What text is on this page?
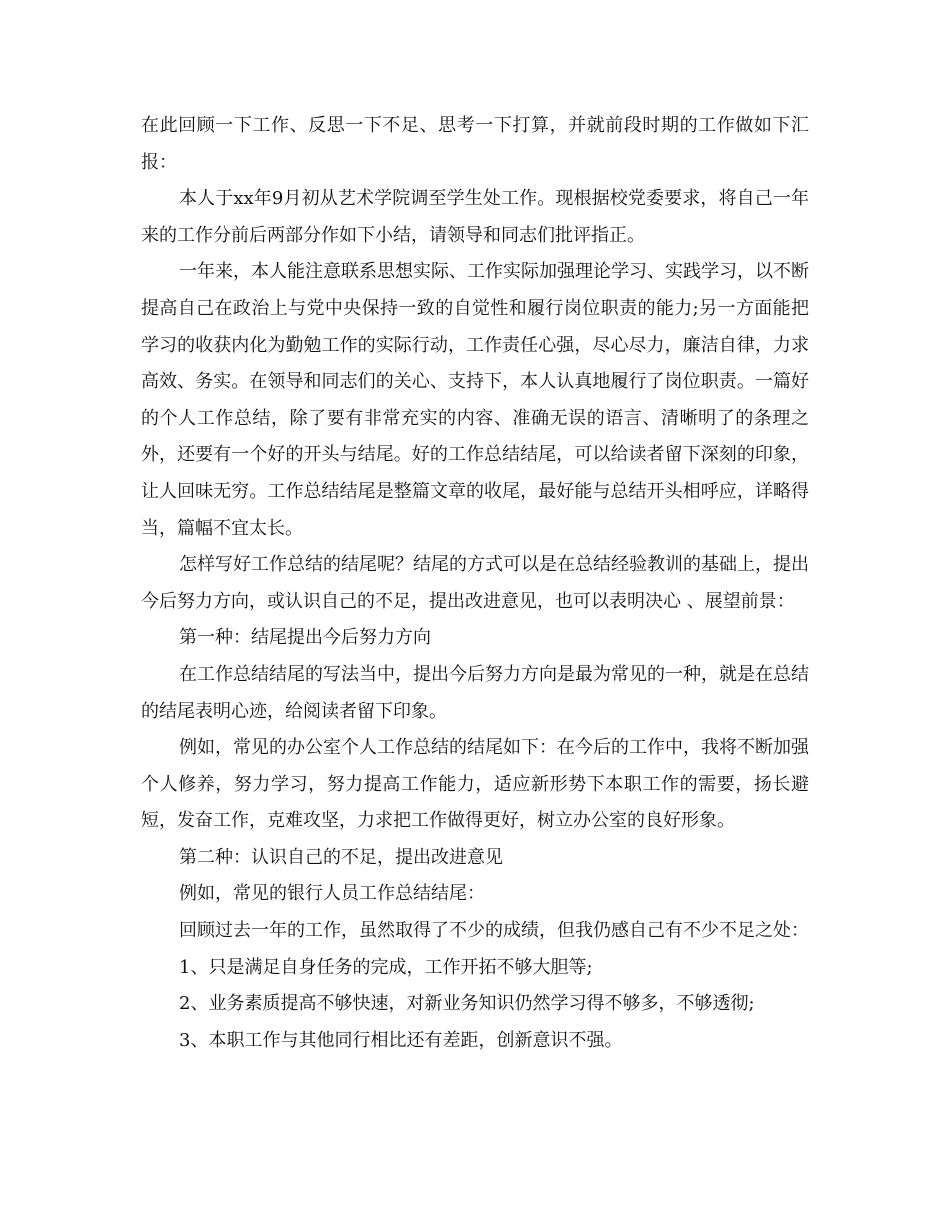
在此回顾一下工作、反思一下不足、思考一下打算，并就前段时期的工作做如下汇报：

本人于xx年9月初从艺术学院调至学生处工作。现根据校党委要求，将自己一年来的工作分前后两部分作如下小结，请领导和同志们批评指正。

一年来，本人能注意联系思想实际、工作实际加强理论学习、实践学习，以不断提高自己在政治上与党中央保持一致的自觉性和履行岗位职责的能力;另一方面能把学习的收获内化为勤勉工作的实际行动，工作责任心强，尽心尽力，廉洁自律，力求高效、务实。在领导和同志们的关心、支持下，本人认真地履行了岗位职责。一篇好的个人工作总结，除了要有非常充实的内容、准确无误的语言、清晰明了的条理之外，还要有一个好的开头与结尾。好的工作总结结尾，可以给读者留下深刻的印象，让人回味无穷。工作总结结尾是整篇文章的收尾，最好能与总结开头相呼应，详略得当，篇幅不宜太长。

怎样写好工作总结的结尾呢？结尾的方式可以是在总结经验教训的基础上，提出今后努力方向，或认识自己的不足，提出改进意见，也可以表明决心 、展望前景：

第一种：结尾提出今后努力方向

在工作总结结尾的写法当中，提出今后努力方向是最为常见的一种，就是在总结的结尾表明心迹，给阅读者留下印象。

例如，常见的办公室个人工作总结的结尾如下：在今后的工作中，我将不断加强个人修养，努力学习，努力提高工作能力，适应新形势下本职工作的需要，扬长避短，发奋工作，克难攻坚，力求把工作做得更好，树立办公室的良好形象。

第二种：认识自己的不足，提出改进意见

例如，常见的银行人员工作总结结尾：

回顾过去一年的工作，虽然取得了不少的成绩，但我仍感自己有不少不足之处：

1、只是满足自身任务的完成，工作开拓不够大胆等;

2、业务素质提高不够快速，对新业务知识仍然学习得不够多，不够透彻;

3、本职工作与其他同行相比还有差距，创新意识不强。
